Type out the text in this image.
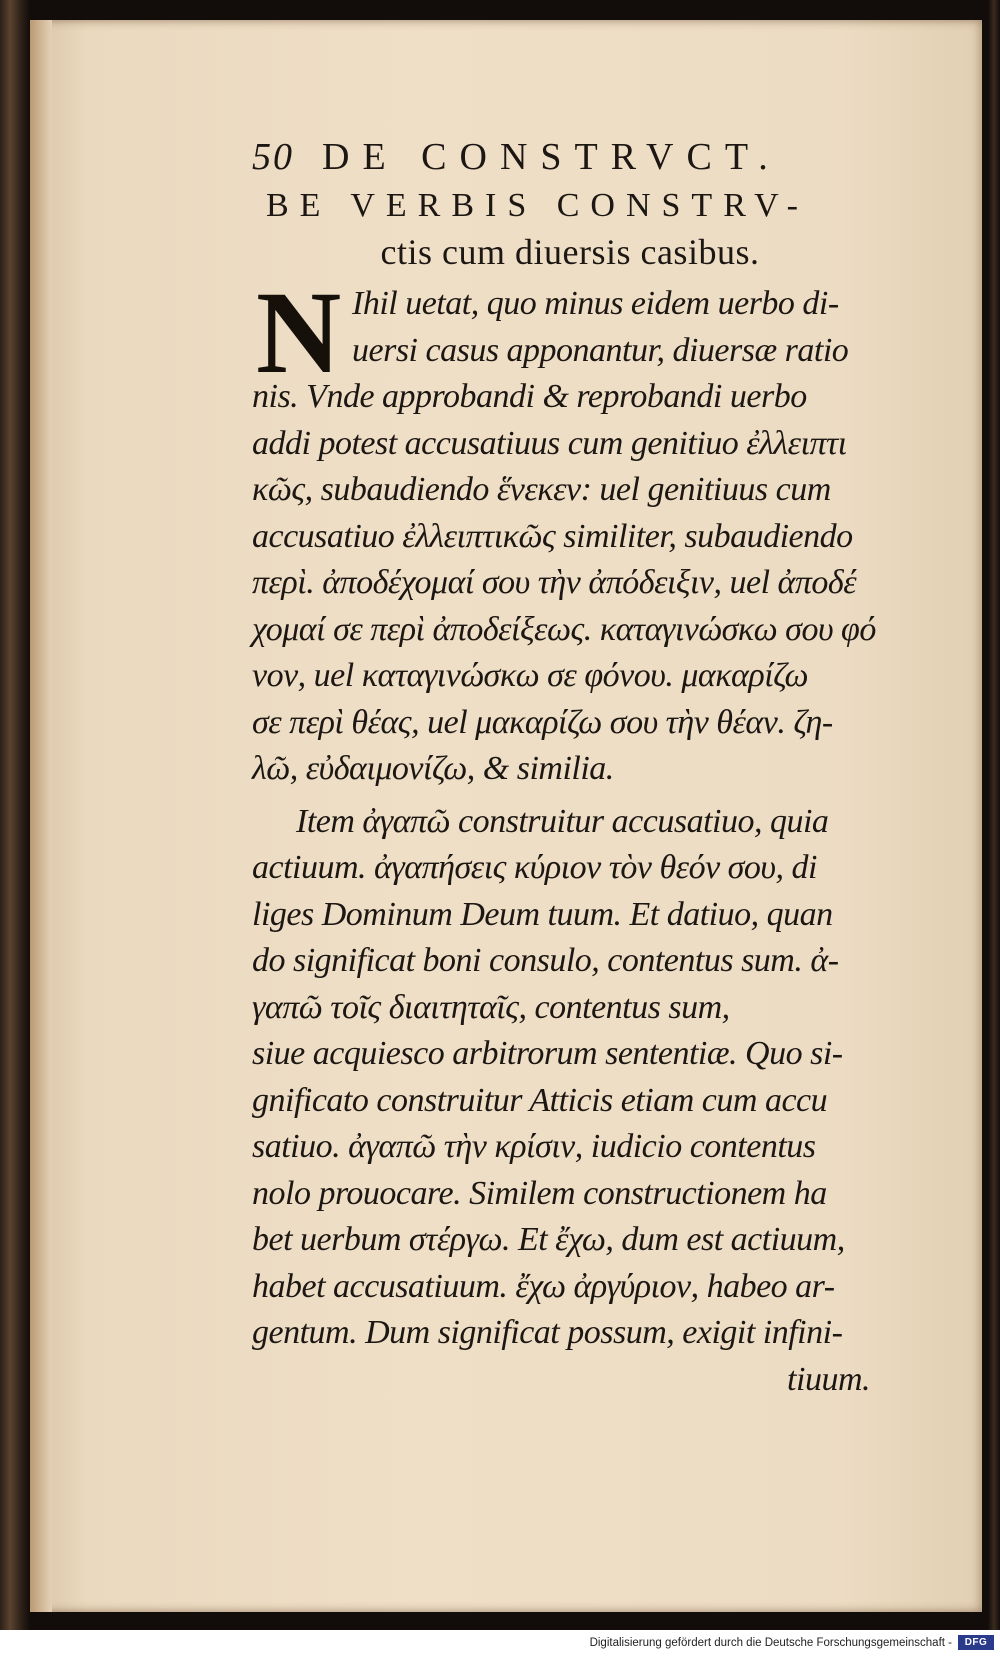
50 DE CONSTRVCT.
BE VERBIS CONSTRV-
ctis cum diuersis casibus.
N Ihil uetat, quo minus eidem uerbo di-
uersi casus apponantur, diuersæ ratio
nis. Vnde approbandi & reprobandi uerbo
addi potest accusatiuus cum genitiuo ἐλλειπτι
κῶς, subaudiendo ἕνεκεν: uel genitiuus cum
accusatiuo ἐλλειπτικῶς similiter, subaudiendo
περὶ. ἀποδέχομαί σου τὴν ἀπόδειξιν, uel ἀποδέ
χομαί σε περὶ ἀποδείξεως. καταγινώσκω σου φό
νον, uel καταγινώσκω σε φόνου. μακαρίζω
σε περὶ θέας, uel μακαρίζω σου τὴν θέαν. ζη-
λῶ, εὐδαιμονίζω, & similia.
Item ἀγαπῶ construitur accusatiuo, quia
actiuum. ἀγαπήσεις κύριον τὸν θεόν σου, di
liges Dominum Deum tuum. Et datiuo, quan
do significat boni consulo, contentus sum. ἀ-
γαπῶ τοῖς διαιτηταῖς, contentus sum,
siue acquiesco arbitrorum sententiæ. Quo si-
gnificato construitur Atticis etiam cum accu
satiuo. ἀγαπῶ τὴν κρίσιν, iudicio contentus
nolo prouocare. Similem constructionem ha
bet uerbum στέργω. Et ἔχω, dum est actiuum,
habet accusatiuum. ἔχω ἀργύριον, habeo ar-
gentum. Dum significat possum, exigit infini-
tiuum.
Digitalisierung gefördert durch die Deutsche Forschungsgemeinschaft -	DFG
